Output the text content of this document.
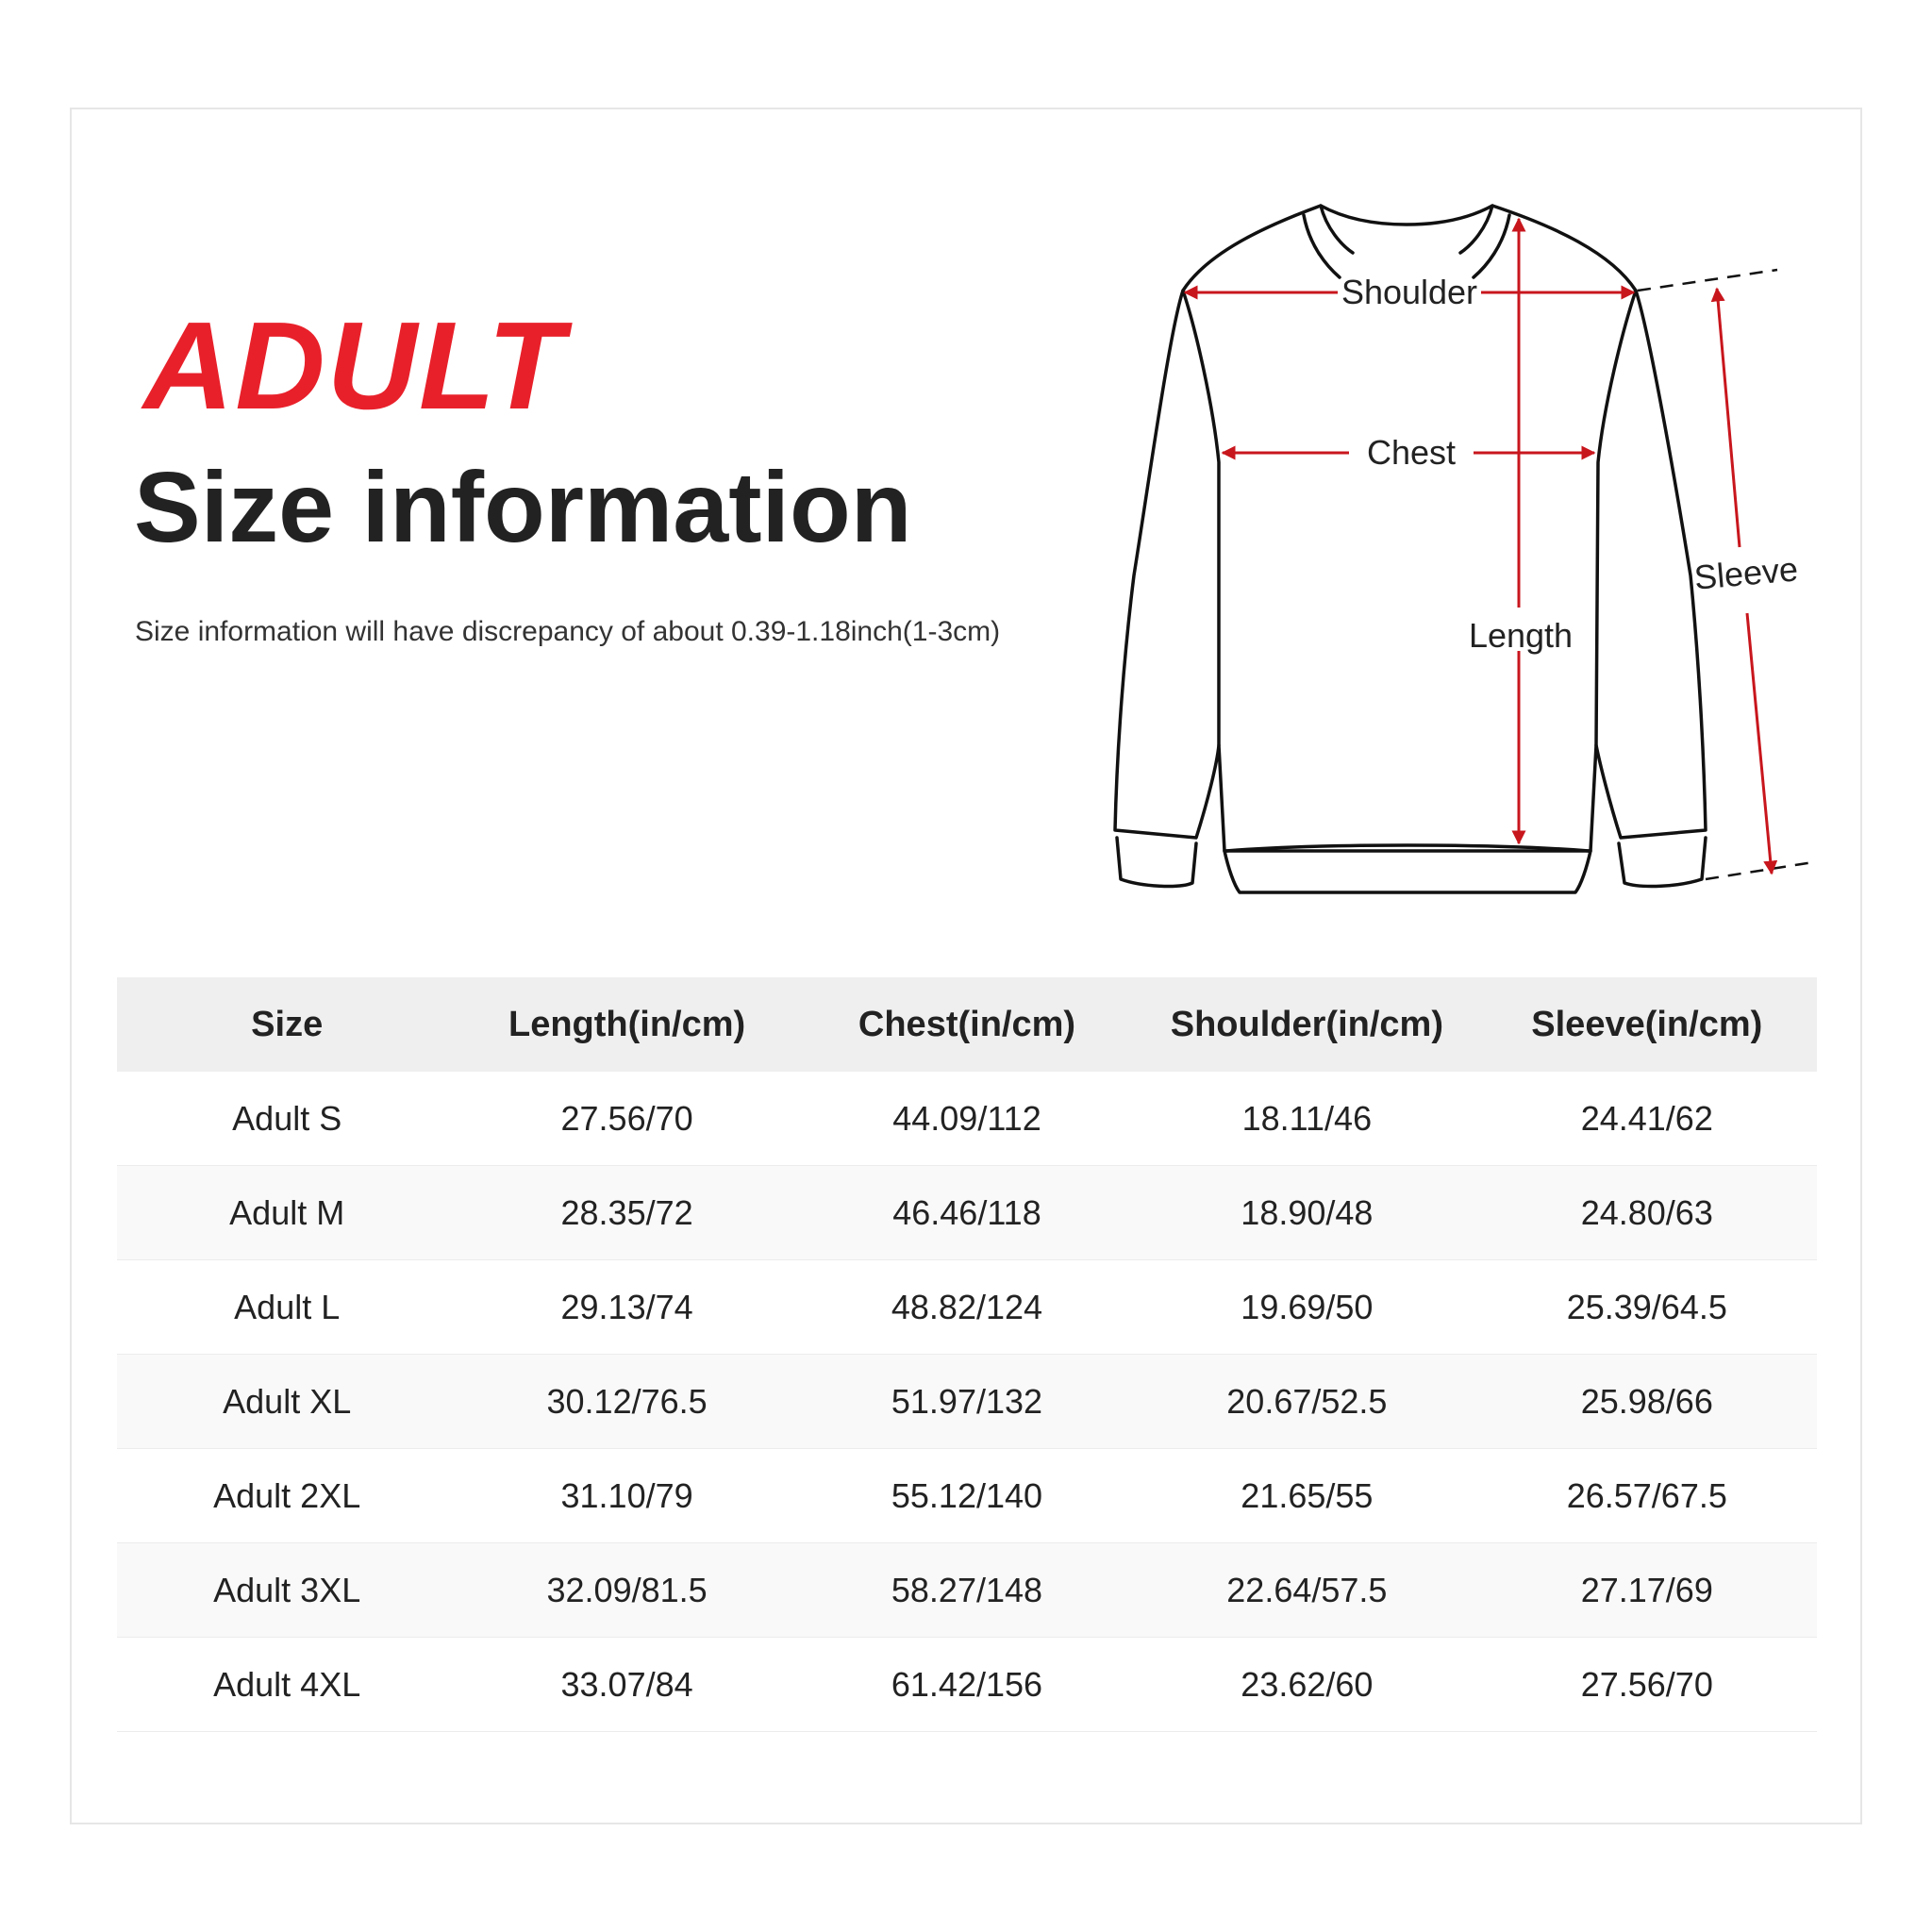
ADULT
Size information

Size information will have discrepancy of about 0.39-1.18inch(1-3cm)

Shoulder
Chest
Length
Sleeve
Size	Length(in/cm)	Chest(in/cm)	Shoulder(in/cm)	Sleeve(in/cm)
Adult S	27.56/70	44.09/112	18.11/46	24.41/62
Adult M	28.35/72	46.46/118	18.90/48	24.80/63
Adult L	29.13/74	48.82/124	19.69/50	25.39/64.5
Adult XL	30.12/76.5	51.97/132	20.67/52.5	25.98/66
Adult 2XL	31.10/79	55.12/140	21.65/55	26.57/67.5
Adult 3XL	32.09/81.5	58.27/148	22.64/57.5	27.17/69
Adult 4XL	33.07/84	61.42/156	23.62/60	27.56/70
